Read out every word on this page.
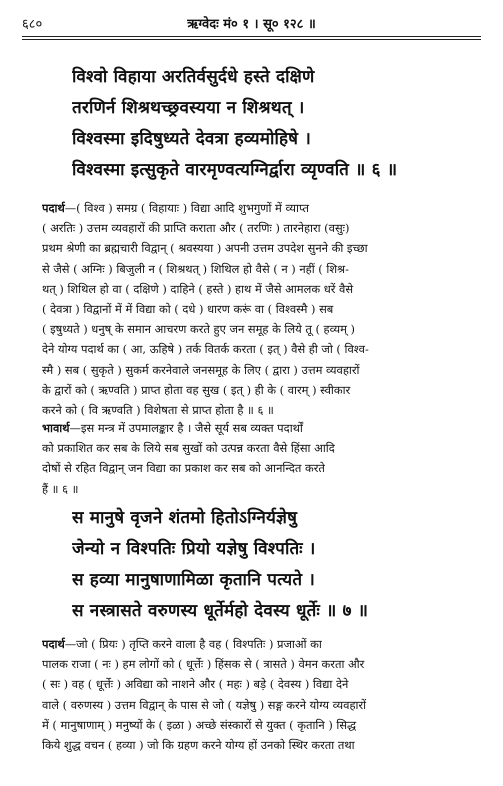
६८०	ऋग्वेदः मं० १ । सू० १२८ ॥
विश्वो विहाया अरतिर्वसुर्दधे हस्ते दक्षिणे
तरणिर्न शिश्रथच्छ्रवस्यया न शिश्रथत् ।
विश्वस्मा इदिषुध्यते देवत्रा हव्यमोहिषे ।
विश्वस्मा इत्सुकृते वारमृण्वत्यग्निर्द्वारा व्यृण्वति ॥ ६ ॥
पदार्थ—( विश्व ) समग्र ( विहायाः ) विद्या आदि शुभगुणों में व्याप्त
( अरतिः ) उत्तम व्यवहारों की प्राप्ति कराता और ( तरणिः ) तारनेहारा (वसुः)
प्रथम श्रेणी का ब्रह्मचारी विद्वान् ( श्रवस्यया ) अपनी उत्तम उपदेश सुनने की इच्छा
से जैसे ( अग्निः ) बिजुली न ( शिश्रथत् ) शिथिल हो वैसे ( न ) नहीं ( शिश्र-
थत् ) शिथिल हो वा ( दक्षिणे ) दाहिने ( हस्ते ) हाथ में जैसे आमलक धरें वैसे
( देवत्रा ) विद्वानों में में विद्या को ( दधे ) धारण करूं वा ( विश्वस्मै ) सब
( इषुध्यते ) धनुष् के समान आचरण करते हुए जन समूह के लिये तू ( हव्यम् )
देने योग्य पदार्थ का ( आ, ऊहिषे ) तर्क वितर्क करता ( इत् ) वैसे ही जो ( विश्व-
स्मै ) सब ( सुकृते ) सुकर्म करनेवाले जनसमूह के लिए ( द्वारा ) उत्तम व्यवहारों
के द्वारों को ( ऋण्वति ) प्राप्त होता वह सुख ( इत् ) ही के ( वारम् ) स्वीकार
करने को ( वि ऋण्वति ) विशेषता से प्राप्त होता है ॥ ६ ॥
भावार्थ—इस मन्त्र में उपमालङ्कार है । जैसे सूर्य सब व्यक्त पदार्थों
को प्रकाशित कर सब के लिये सब सुखों को उत्पन्न करता वैसे हिंसा आदि
दोषों से रहित विद्वान् जन विद्या का प्रकाश कर सब को आनन्दित करते
हैं ॥ ६ ॥
स मानुषे वृजने शंतमो हितोऽग्निर्यज्ञेषु
जेन्यो न विश्पतिः प्रियो यज्ञेषु विश्पतिः ।
स हव्या मानुषाणामिळा कृतानि पत्यते ।
स नस्त्रासते वरुणस्य धूर्तेर्महो देवस्य धूर्तेः ॥ ७ ॥
पदार्थ—जो ( प्रियः ) तृप्ति करने वाला है वह ( विश्पतिः ) प्रजाओं का
पालक राजा ( नः ) हम लोगों को ( धूर्त्तेः ) हिंसक से ( त्रासते ) वेमन करता और
( सः ) वह ( धूर्त्तेः ) अविद्या को नाशने और ( महः ) बड़े ( देवस्य ) विद्या देने
वाले ( वरुणस्य ) उत्तम विद्वान् के पास से जो ( यज्ञेषु ) सङ्ग करने योग्य व्यवहारों
में ( मानुषाणाम् ) मनुष्यों के ( इळा ) अच्छे संस्कारों से युक्त ( कृतानि ) सिद्ध
किये शुद्ध वचन ( हव्या ) जो कि ग्रहण करने योग्य हों उनको स्थिर करता तथा
